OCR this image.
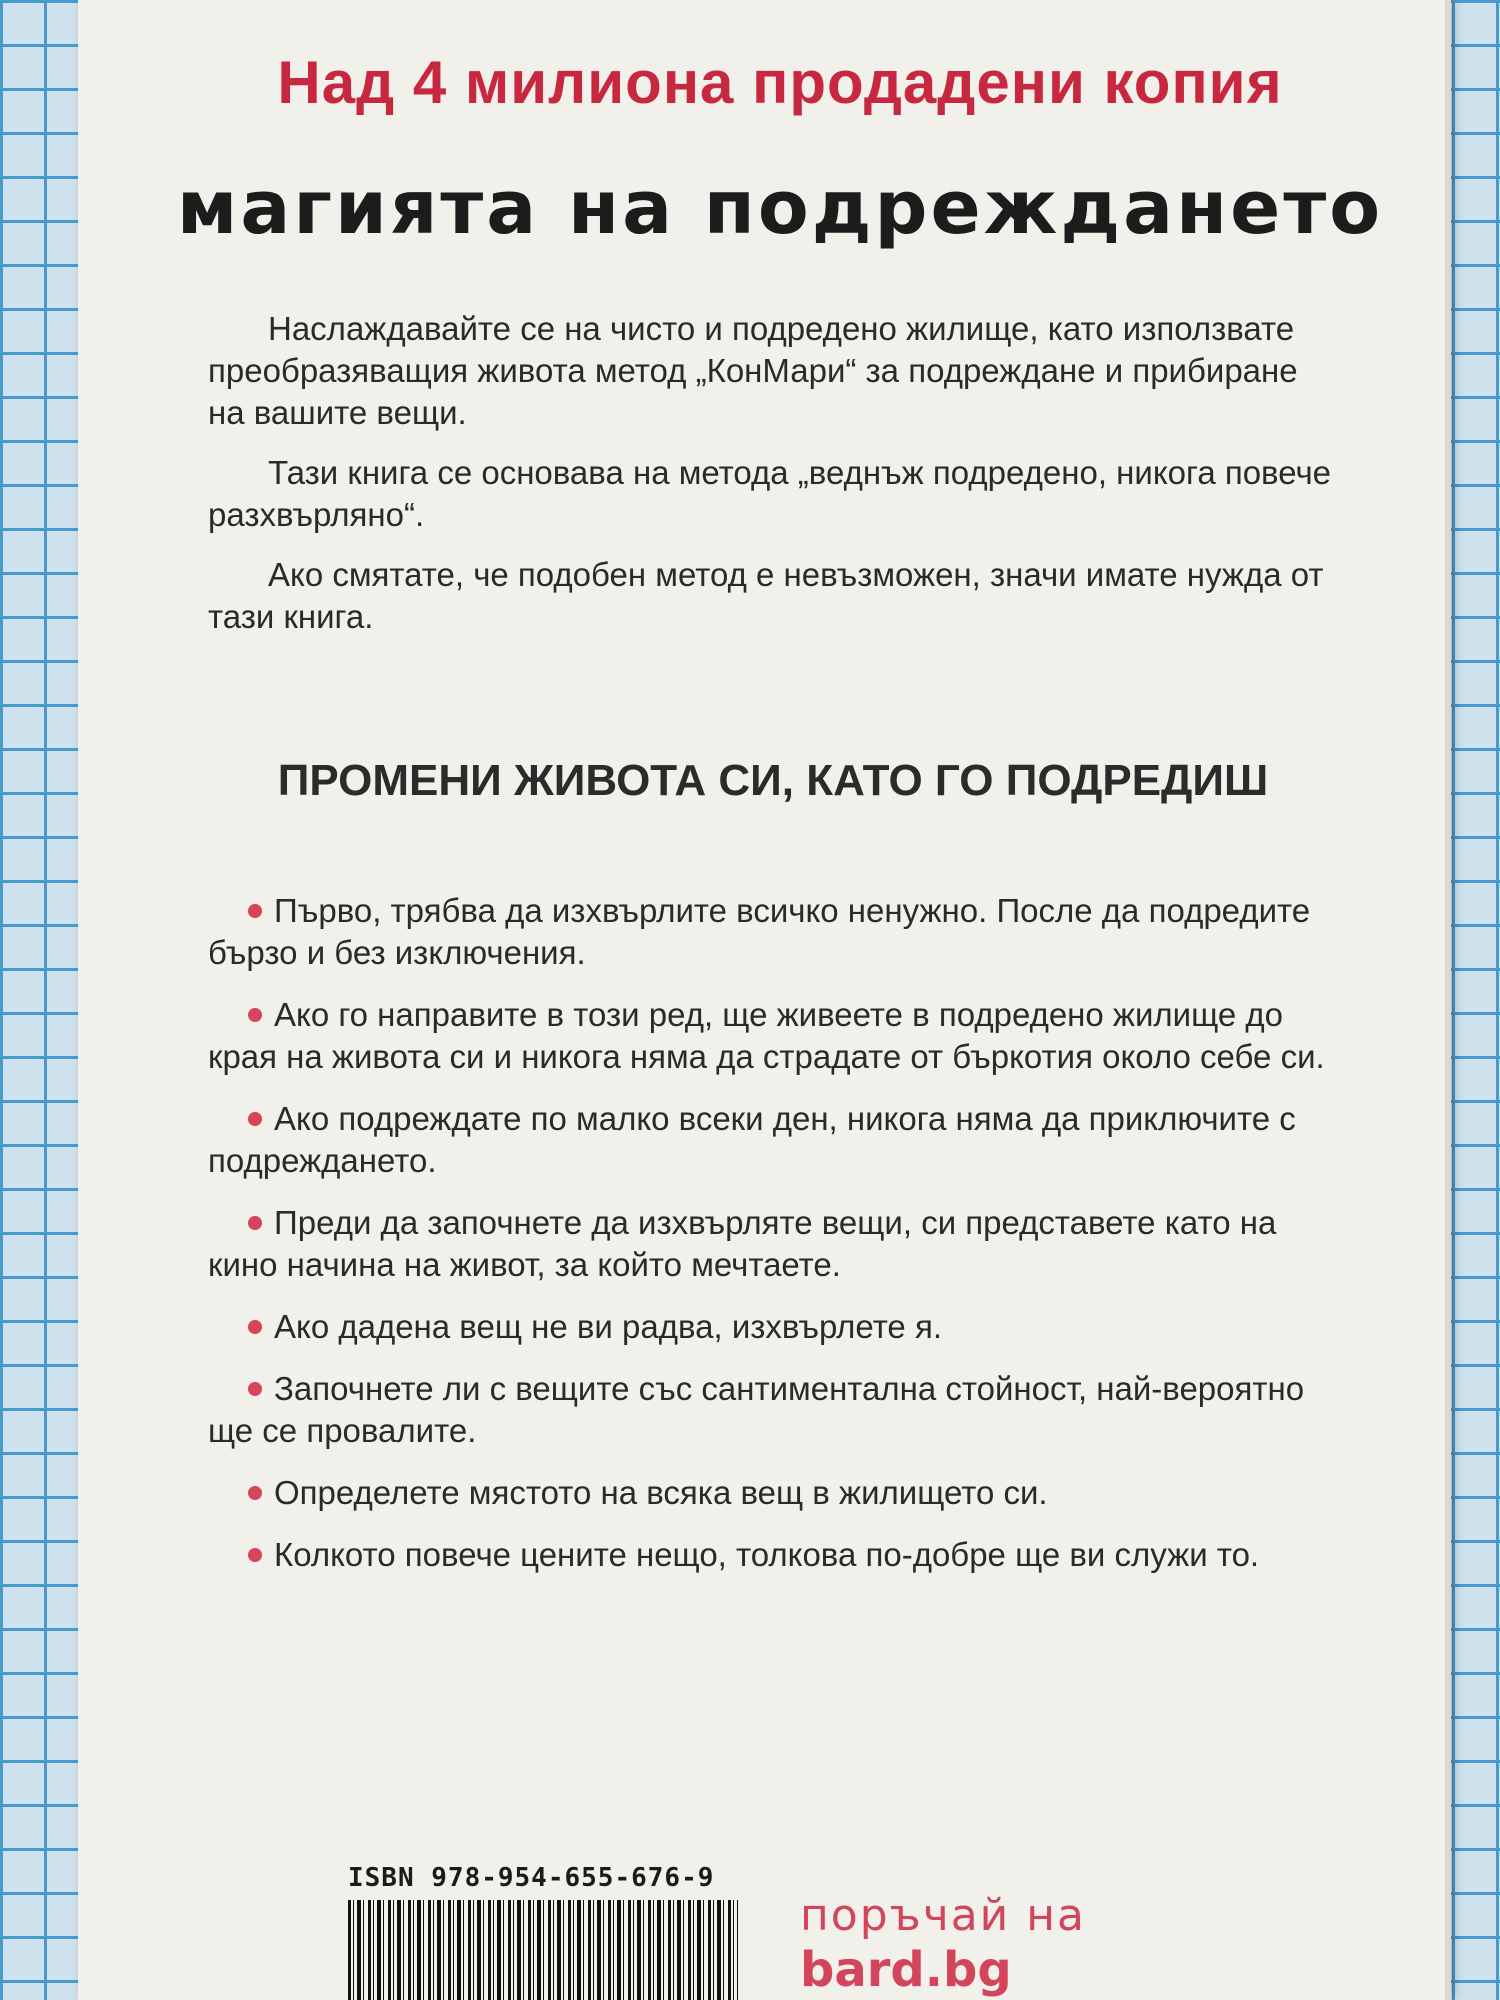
Над 4 милиона продадени копия
магията на подреждането

Наслаждавайте се на чисто и подредено жилище, като използвате преобразяващия живота метод „КонМари“ за подреждане и прибиране на вашите вещи.

Тази книга се основава на метода „веднъж подредено, никога повече разхвърляно“.

Ако смятате, че подобен метод е невъзможен, значи имате нужда от тази книга.

ПРОМЕНИ ЖИВОТА СИ, КАТО ГО ПОДРЕДИШ
Първо, трябва да изхвърлите всичко ненужно. После да подредите бързо и без изключения.
Ако го направите в този ред, ще живеете в подредено жилище до края на живота си и никога няма да страдате от бъркотия около себе си.
Ако подреждате по малко всеки ден, никога няма да приключите с подреждането.
Преди да започнете да изхвърляте вещи, си представете като на кино начина на живот, за който мечтаете.
Ако дадена вещ не ви радва, изхвърлете я.
Започнете ли с вещите със сантиментална стойност, най-вероятно ще се провалите.
Определете мястото на всяка вещ в жилището си.
Колкото повече цените нещо, толкова по-добре ще ви служи то.

ISBN 978-954-655-676-9

поръчай на

bard.bg
